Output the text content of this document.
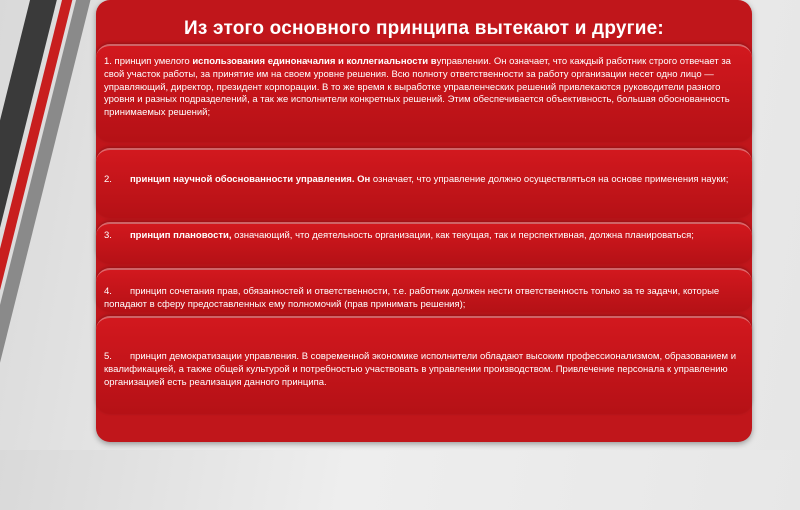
Из этого основного принципа вытекают и другие:
1. принцип умелого использования единоначалия и коллегиальности вуправлении. Он означает, что каждый работник строго отвечает за свой участок работы, за принятие им на своем уровне решения. Всю полноту ответственности за работу организации несет одно лицо — управляющий, директор, президент корпорации. В то же время к выработке управленческих решений привлекаются руководители разного уровня и разных подразделений, а так же исполнители конкретных решений. Этим обеспечивается объективность, большая обоснованность принимаемых решений;
2. принцип научной обоснованности управления. Он означает, что управление должно осуществляться на основе применения науки;
3. принцип плановости, означающий, что деятельность организации, как текущая, так и перспективная, должна планироваться;
4. принцип сочетания прав, обязанностей и ответственности, т.е. работник должен нести ответственность только за те задачи, которые попадают в сферу предоставленных ему полномочий (прав принимать решения);
5. принцип демократизации управления. В современной экономике исполнители обладают высоким профессионализмом, образованием и квалификацией, а также общей культурой и потребностью участвовать в управлении производством. Привлечение персонала к управлению организацией есть реализация данного принципа.
